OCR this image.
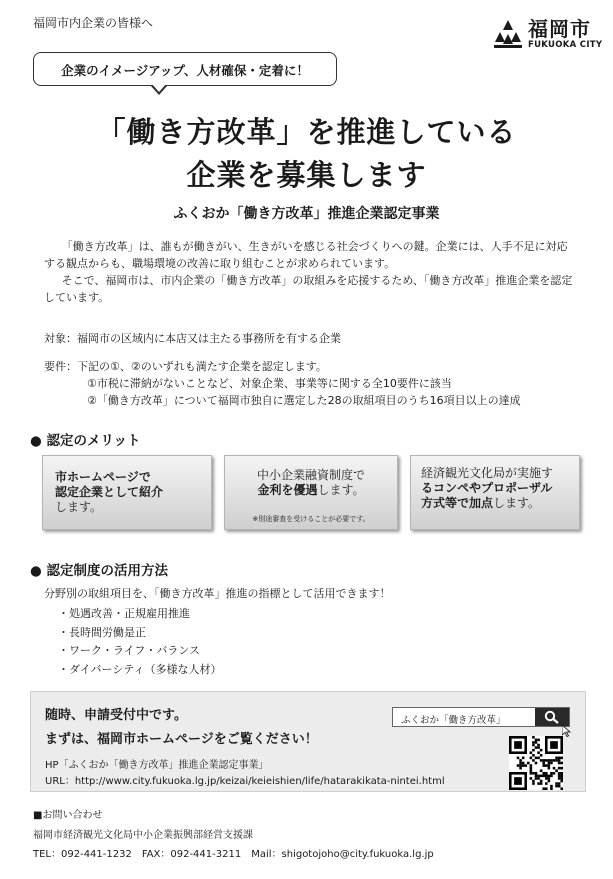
福岡市内企業の皆様へ	福岡市
FUKUOKA CITY
企業のイメージアップ、人材確保・定着に！
「働き方改革」を推進している
企業を募集します
ふくおか「働き方改革」推進企業認定事業

「働き方改革」は、誰もが働きがい、生きがいを感じる社会づくりへの鍵。企業には、人手不足に対応する観点からも、職場環境の改善に取り組むことが求められています。

そこで、福岡市は、市内企業の「働き方改革」の取組みを応援するため、「働き方改革」推進企業を認定しています。

対象：福岡市の区域内に本店又は主たる事務所を有する企業
要件：下記の①、②のいずれも満たす企業を認定します。
①市税に滞納がないことなど、対象企業、事業等に関する全10要件に該当
②「働き方改革」について福岡市独自に選定した28の取組項目のうち16項目以上の達成
● 認定のメリット
市ホームページで
認定企業として紹介
します。
中小企業融資制度で
金利を優遇します。
※別途審査を受けることが必要です。
経済観光文化局が実施す
るコンペやプロポーザル
方式等で加点します。
● 認定制度の活用方法
分野別の取組項目を、「働き方改革」推進の指標として活用できます！
・処遇改善・正規雇用推進
・長時間労働是正
・ワーク・ライフ・バランス
・ダイバーシティ（多様な人材）
随時、申請受付中です。
まずは、福岡市ホームページをご覧ください！
HP「ふくおか「働き方改革」推進企業認定事業」
URL：http://www.city.fukuoka.lg.jp/keizai/keieishien/life/hatarakikata-nintei.html
ふくおか「働き方改革」
■お問い合わせ
福岡市経済観光文化局中小企業振興部経営支援課
TEL：092-441-1232　FAX：092-441-3211　Mail：shigotojoho@city.fukuoka.lg.jp
